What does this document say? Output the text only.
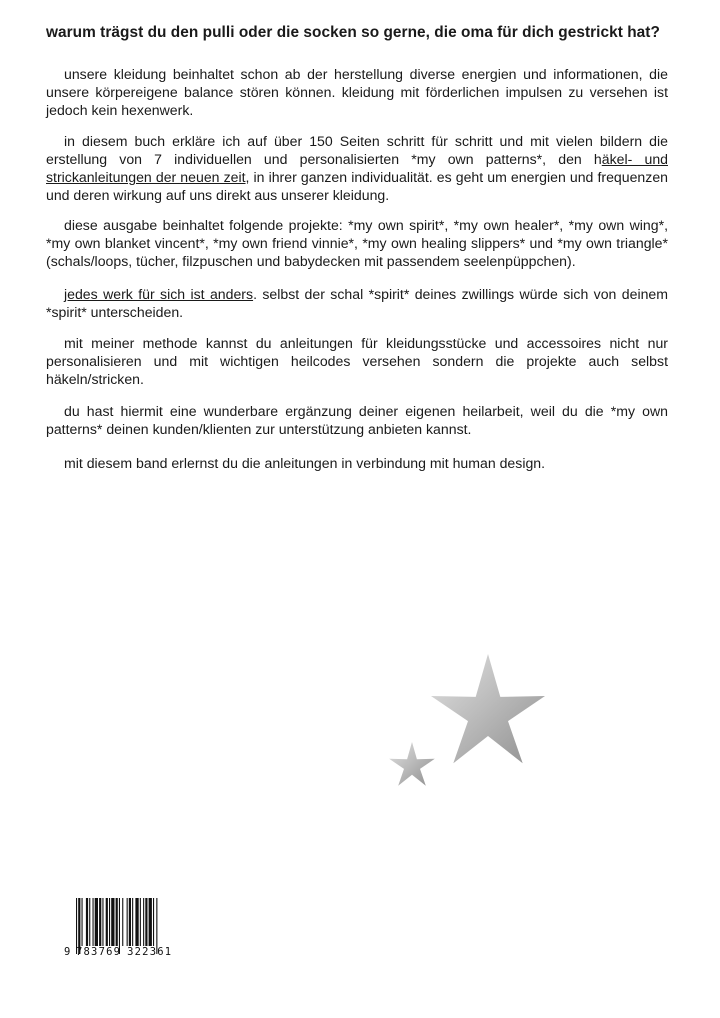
warum trägst du den pulli oder die socken so gerne, die oma für dich gestrickt hat?

unsere kleidung beinhaltet schon ab der herstellung diverse energien und informationen, die unsere körpereigene balance stören können. kleidung mit förderlichen impulsen zu versehen ist jedoch kein hexenwerk.

in diesem buch erkläre ich auf über 150 Seiten schritt für schritt und mit vielen bildern die erstellung von 7 individuellen und personalisierten *my own patterns*, den häkel- und strickanleitungen der neuen zeit, in ihrer ganzen individualität. es geht um energien und frequenzen und deren wirkung auf uns direkt aus unserer kleidung.

diese ausgabe beinhaltet folgende projekte: *my own spirit*, *my own healer*, *my own wing*, *my own blanket vincent*, *my own friend vinnie*, *my own healing slippers* und *my own triangle* (schals/loops, tücher, filzpuschen und babydecken mit passendem seelenpüppchen).

jedes werk für sich ist anders. selbst der schal *spirit* deines zwillings würde sich von deinem *spirit* unterscheiden.

mit meiner methode kannst du anleitungen für kleidungsstücke und accessoires nicht nur personalisieren und mit wichtigen heilcodes versehen sondern die projekte auch selbst häkeln/stricken.

du hast hiermit eine wunderbare ergänzung deiner eigenen heilarbeit, weil du die *my own patterns* deinen kunden/klienten zur unterstützung anbieten kannst.

mit diesem band erlernst du die anleitungen in verbindung mit human design.

9 783769 322361
